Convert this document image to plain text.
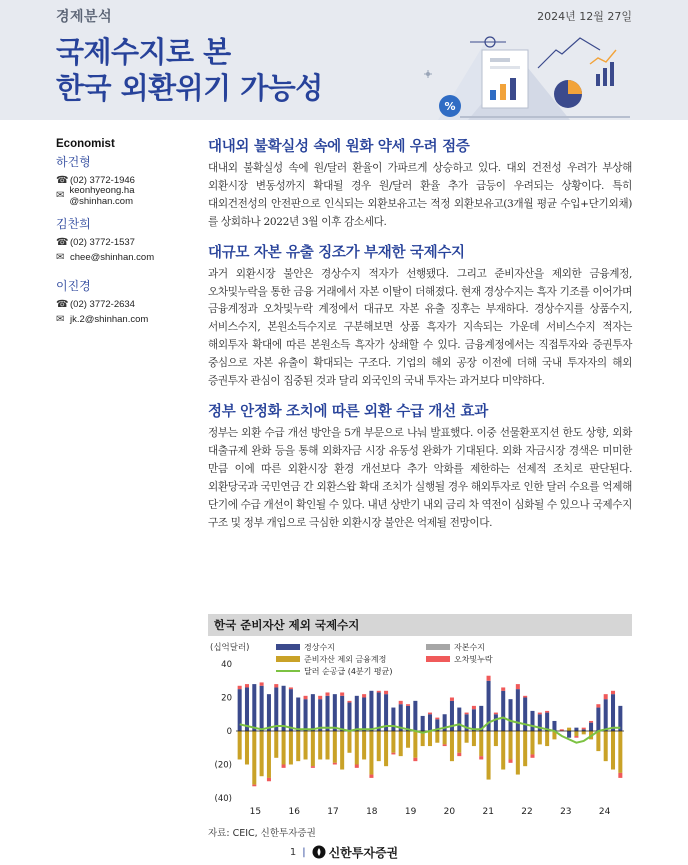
경제분석	2024년 12월 27일
국제수지로 본
한국 외환위기 가능성
%
Economist
하건형
☎ (02) 3772-1946
✉ keonhyeong.ha @shinhan.com
김찬희
☎ (02) 3772-1537
✉ chee@shinhan.com
이진경
☎ (02) 3772-2634
✉ jk.2@shinhan.com
대내외 불확실성 속에 원화 약세 우려 점증

대내외 불확실성 속에 원/달러 환율이 가파르게 상승하고 있다. 대외 건전성 우려가 부상해 외환시장 변동성까지 확대될 경우 원/달러 환율 추가 급등이 우려되는 상황이다. 특히 대외건전성의 안전판으로 인식되는 외환보유고는 적정 외환보유고(3개월 평균 수입+단기외채)를 상회하나 2022년 3월 이후 감소세다.

대규모 자본 유출 징조가 부재한 국제수지

과거 외환시장 불안은 경상수지 적자가 선행됐다. 그리고 준비자산을 제외한 금융계정, 오차및누락을 통한 금융 거래에서 자본 이탈이 더해졌다. 현재 경상수지는 흑자 기조를 이어가며 금융계정과 오차및누락 계정에서 대규모 자본 유출 징후는 부재하다. 경상수지를 상품수지, 서비스수지, 본원소득수지로 구분해보면 상품 흑자가 지속되는 가운데 서비스수지 적자는 해외투자 확대에 따른 본원소득 흑자가 상쇄할 수 있다. 금융계정에서는 직접투자와 증권투자 중심으로 자본 유출이 확대되는 구조다. 기업의 해외 공장 이전에 더해 국내 투자자의 해외 증권투자 관심이 집중된 것과 달리 외국인의 국내 투자는 과거보다 미약하다.

정부 안정화 조치에 따른 외환 수급 개선 효과

정부는 외환 수급 개선 방안을 5개 부문으로 나눠 발표했다. 이중 선물환포지션 한도 상향, 외화 대출규제 완화 등을 통해 외화자금 시장 유동성 완화가 기대된다. 외화 자금시장 경색은 미미한 만큼 이에 따른 외환시장 환경 개선보다 추가 악화를 제한하는 선제적 조치로 판단된다. 외환당국과 국민연금 간 외환스왑 확대 조치가 실행될 경우 해외투자로 인한 달러 수요를 억제해 단기에 수급 개선이 확인될 수 있다. 내년 상반기 내외 금리 차 역전이 심화될 수 있으나 국제수지 구조 및 정부 개입으로 극심한 외환시장 불안은 억제될 전망이다.

한국 준비자산 제외 국제수지
(십억달러)	경상수지	자본수지
준비자산 제외 금융계정	오차및누락
달러 순공급 (4분기 평균)
40
20
0
(20)
(40)
15	16	17	18	19	20	21	22	23	24
자료: CEIC, 신한투자증권
1 | 신한투자증권
